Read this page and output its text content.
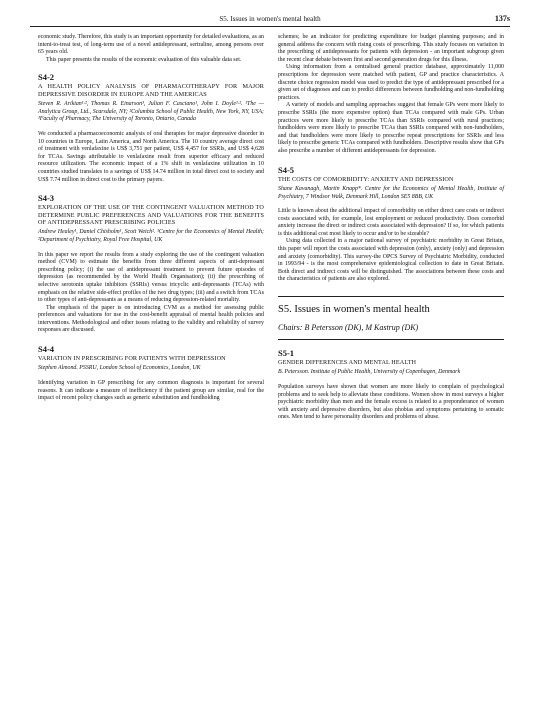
S5. Issues in women's mental health	137s

economic study. Therefore, this study is an important opportunity for detailed evaluations, as an intent-to-treat test, of long-term use of a novel antidepressant, sertraline, among persons over 65 years old.

This paper presents the results of the economic evaluation of this valuable data set.

S4-2
A HEALTH POLICY ANALYSIS OF PHARMACOTHERAPY FOR MAJOR DEPRESSIVE DISORDER IN EUROPE AND THE AMERICAS

Steven R. Arikian¹·², Thomas R. Einarson³, Julian F. Casciano¹, John I. Doyle¹·². ¹The — Analytica Group, Ltd., Scarsdale, NY; ²Columbia School of Public Health, New York, NY, USA; ³Faculty of Pharmacy, The University of Toronto, Ontario, Canada

We conducted a pharmacoeconomic analysis of oral therapies for major depressive disorder in 10 countries in Europe, Latin America, and North America. The 10 country average direct cost of treatment with venlafaxine is US$ 3,751 per patient, US$ 4,457 for SSRIs, and US$ 4,628 for TCAs. Savings attributable to venlafaxine result from superior efficacy and reduced resource utilization. The economic impact of a 1% shift in venlafaxine utilization in 10 countries studied translates to a savings of US$ 14.74 million in total direct cost to society and US$ 7.74 million in direct cost to the primary payers.

S4-3
EXPLORATION OF THE USE OF THE CONTINGENT VALUATION METHOD TO DETERMINE PUBLIC PREFERENCES AND VALUATIONS FOR THE BENEFITS OF ANTIDEPRESSANT PRESCRIBING POLICIES

Andrew Healey¹, Daniel Chisholm¹, Scott Weich². ¹Centre for the Economics of Mental Health; ²Department of Psychiatry, Royal Free Hospital, UK

In this paper we report the results from a study exploring the use of the contingent valuation method (CVM) to estimate the benefits from three different aspects of anti-depressant prescribing policy; (i) the use of antidepressant treatment to prevent future episodes of depression (as recommended by the World Health Organisation); (ii) the prescribing of selective serotonin uptake inhibitors (SSRIs) versus tricyclic anti-depressants (TCAs) with emphasis on the relative side-effect profiles of the two drug types; (iii) and a switch from TCAs to other types of anti-depressants as a means of reducing depression-related mortality.

The emphasis of the paper is on introducing CVM as a method for assessing public preferences and valuations for use in the cost-benefit appraisal of mental health policies and interventions. Methodological and other issues relating to the validity and reliability of survey responses are discussed.

S4-4
VARIATION IN PRESCRIBING FOR PATIENTS WITH DEPRESSION

Stephen Almond. PSSRU, London School of Economics, London, UK

Identifying variation in GP prescribing for any common diagnosis is important for several reasons. It can indicate a measure of inefficiency if the patient group are similar, real for the impact of recent policy changes such as generic substitution and fundholding

schemes; be an indicator for predicting expenditure for budget planning purposes; and in general address the concern with rising costs of prescribing. This study focuses on variation in the prescribing of antidepressants for patients with depression - an important subgroup given the recent clear debate between first and second generation drugs for this illness.

Using information from a centralised general practice database, approximately 11,000 prescriptions for depression were matched with patient, GP and practice characteristics. A discrete choice regression model was used to predict the type of antidepressant prescribed for a given set of diagnoses and can to predict differences between fundholding and non-fundholding practices.

A variety of models and sampling approaches suggest that female GPs were more likely to prescribe SSRIs (the more expensive option) than TCAs compared with male GPs. Urban practices were more likely to prescribe TCAs than SSRIs compared with rural practices; fundholders were more likely to prescribe TCAs than SSRIs compared with non-fundholders, and that fundholders were more likely to prescribe repeat prescriptions for SSRIs and less likely to prescribe generic TCAs compared with fundholders. Descriptive results show that GPs also prescribe a number of different antidepressants for depression.

S4-5
THE COSTS OF COMORBIDITY: ANXIETY AND DEPRESSION

Shane Kavanagh, Martin Knapp*. Centre for the Economics of Mental Health, Institute of Psychiatry, 7 Windsor Walk, Denmark Hill, London SE5 8BB, UK

Little is known about the additional impact of comorbidity on either direct care costs or indirect costs associated with, for example, lost employment or reduced productivity. Does comorbid anxiety increase the direct or indirect costs associated with depression? If so, for which patients is this additional cost most likely to occur and/or to be sizeable?

Using data collected in a major national survey of psychiatric morbidity in Great Britain, this paper will report the costs associated with depression (only), anxiety (only) and depression and anxiety (comorbidity). This survey-the OPCS Survey of Psychiatric Morbidity, conducted in 1993/94 - is the most comprehensive epidemiological collection to date in Great Britain. Both direct and indirect costs will be distinguished. The associations between these costs and the characteristics of patients are also explored.

S5. Issues in women's mental health
Chairs: B Petersson (DK), M Kastrup (DK)
S5-1
GENDER DIFFERENCES AND MENTAL HEALTH

B. Petersson. Institute of Public Health, University of Copenhagen, Denmark

Population surveys have shown that women are more likely to complain of psychological problems and to seek help to alleviate these conditions. Women show in most surveys a higher psychiatric morbidity than men and the female excess is related to a preponderance of women with anxiety and depressive disorders, but also phobias and symptoms pertaining to somatic ones. Men tend to have personality disorders and problems of abuse.
